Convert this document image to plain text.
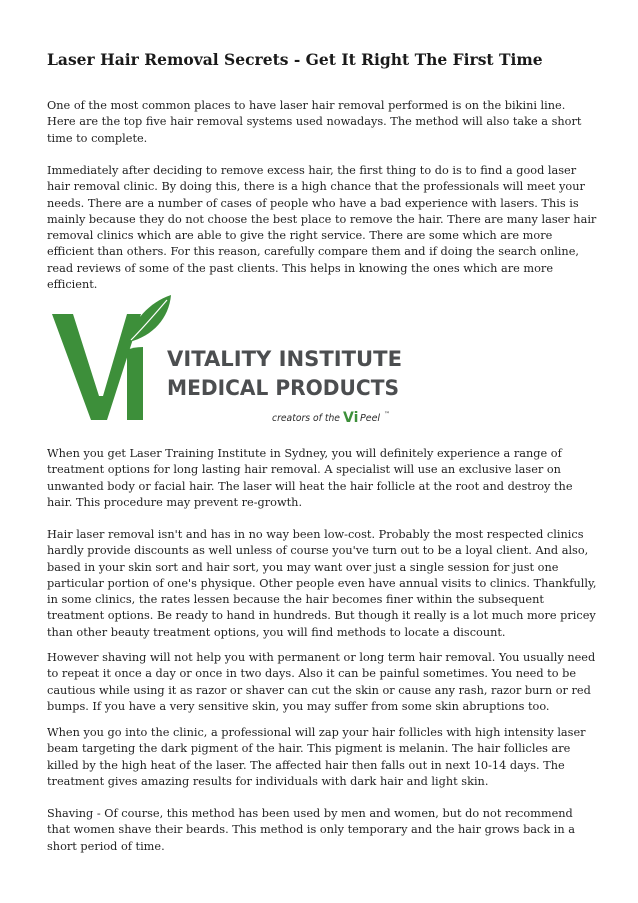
Laser Hair Removal Secrets - Get It Right The First Time

One of the most common places to have laser hair removal performed is on the bikini line. Here are the top five hair removal systems used nowadays. The method will also take a short time to complete.

Immediately after deciding to remove excess hair, the first thing to do is to find a good laser hair removal clinic. By doing this, there is a high chance that the professionals will meet your needs. There are a number of cases of people who have a bad experience with lasers. This is mainly because they do not choose the best place to remove the hair. There are many laser hair removal clinics which are able to give the right service. There are some which are more efficient than others. For this reason, carefully compare them and if doing the search online, read reviews of some of the past clients. This helps in knowing the ones which are more efficient.

VITALITY INSTITUTE
MEDICAL PRODUCTS
creators of the Vi Peel ™

When you get Laser Training Institute in Sydney, you will definitely experience a range of treatment options for long lasting hair removal. A specialist will use an exclusive laser on unwanted body or facial hair. The laser will heat the hair follicle at the root and destroy the hair. This procedure may prevent re-growth.

Hair laser removal isn't and has in no way been low-cost. Probably the most respected clinics hardly provide discounts as well unless of course you've turn out to be a loyal client. And also, based in your skin sort and hair sort, you may want over just a single session for just one particular portion of one's physique. Other people even have annual visits to clinics. Thankfully, in some clinics, the rates lessen because the hair becomes finer within the subsequent treatment options. Be ready to hand in hundreds. But though it really is a lot much more pricey than other beauty treatment options, you will find methods to locate a discount.

However shaving will not help you with permanent or long term hair removal. You usually need to repeat it once a day or once in two days. Also it can be painful sometimes. You need to be cautious while using it as razor or shaver can cut the skin or cause any rash, razor burn or red bumps. If you have a very sensitive skin, you may suffer from some skin abruptions too.

When you go into the clinic, a professional will zap your hair follicles with high intensity laser beam targeting the dark pigment of the hair. This pigment is melanin. The hair follicles are killed by the high heat of the laser. The affected hair then falls out in next 10-14 days. The treatment gives amazing results for individuals with dark hair and light skin.

Shaving - Of course, this method has been used by men and women, but do not recommend that women shave their beards. This method is only temporary and the hair grows back in a short period of time.
